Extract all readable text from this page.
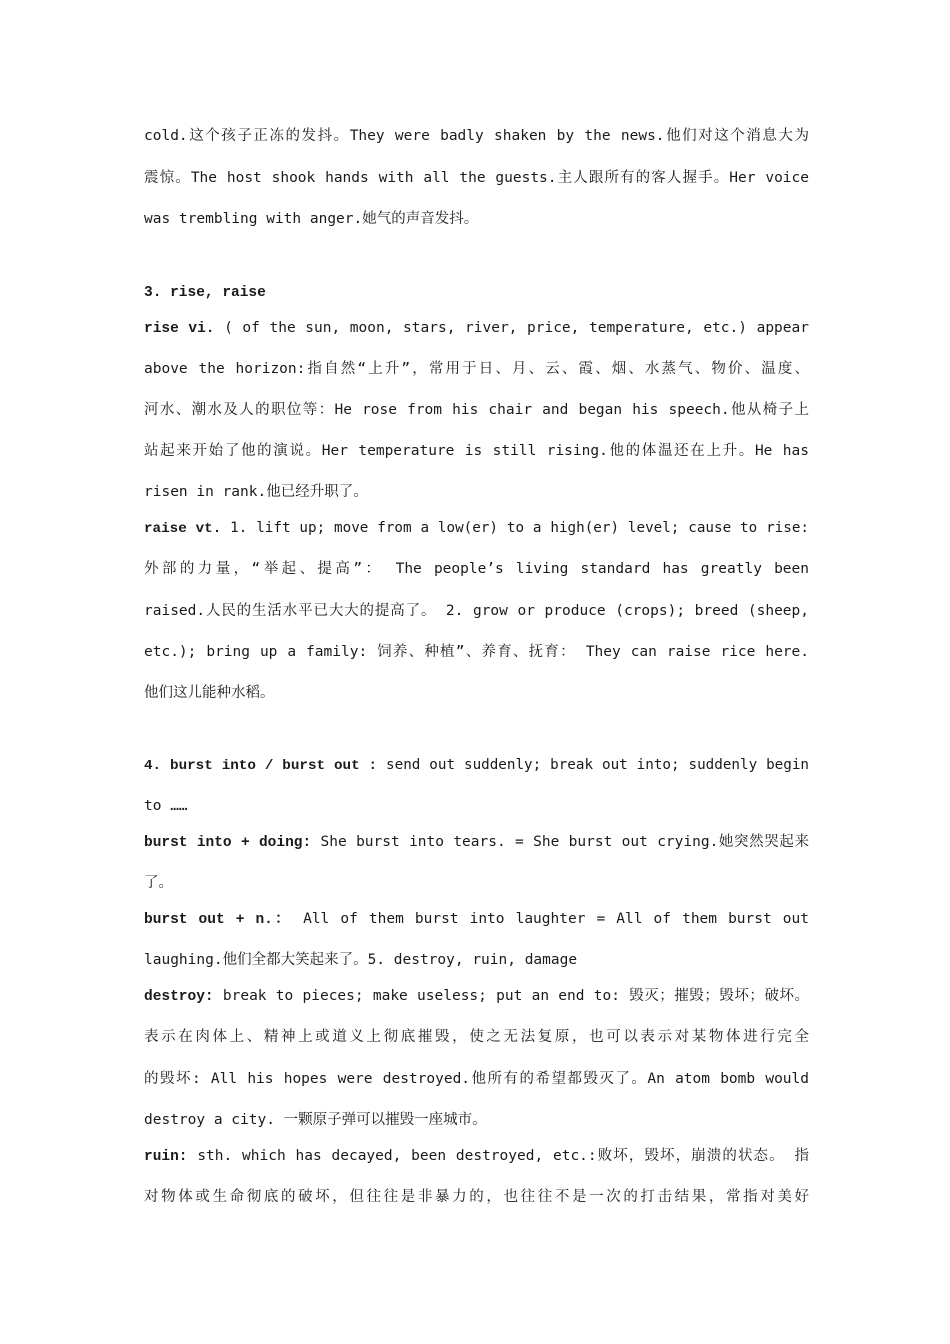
cold.这个孩子正冻的发抖。They were badly shaken by the news.他们对这个消息大为
震惊。The host shook hands with all the guests.主人跟所有的客人握手。Her voice
was trembling with anger.她气的声音发抖。
3. rise, raise
rise vi. ( of the sun, moon, stars, river, price, temperature, etc.) appear
above the horizon:指自然“上升”，常用于日、月、云、霞、烟、水蒸气、物价、温度、
河水、潮水及人的职位等：He rose from his chair and began his speech.他从椅子上
站起来开始了他的演说。Her temperature is still rising.他的体温还在上升。He has
risen in rank.他已经升职了。
raise vt. 1. lift up; move from a low(er) to a high(er) level; cause to rise:
外部的力量，“举起、提高”： The people’s living standard has greatly been
raised.人民的生活水平已大大的提高了。 2. grow or produce (crops); breed (sheep,
etc.); bring up a family: 饲养、种植”、养育、抚育： They can raise rice here.
他们这儿能种水稻。
4. burst into / burst out : send out suddenly; break out into; suddenly begin
to ……
burst into + doing: She burst into tears. = She burst out crying.她突然哭起来
了。
burst out + n.： All of them burst into laughter = All of them burst out
laughing.他们全都大笑起来了。5. destroy, ruin, damage
destroy: break to pieces; make useless; put an end to: 毁灭；摧毁；毁坏；破坏。
表示在肉体上、精神上或道义上彻底摧毁，使之无法复原，也可以表示对某物体进行完全
的毁坏: All his hopes were destroyed.他所有的希望都毁灭了。An atom bomb would
destroy a city. 一颗原子弹可以摧毁一座城市。
ruin: sth. which has decayed, been destroyed, etc.:败坏，毁坏，崩溃的状态。 指
对物体或生命彻底的破坏，但往往是非暴力的，也往往不是一次的打击结果，常指对美好
